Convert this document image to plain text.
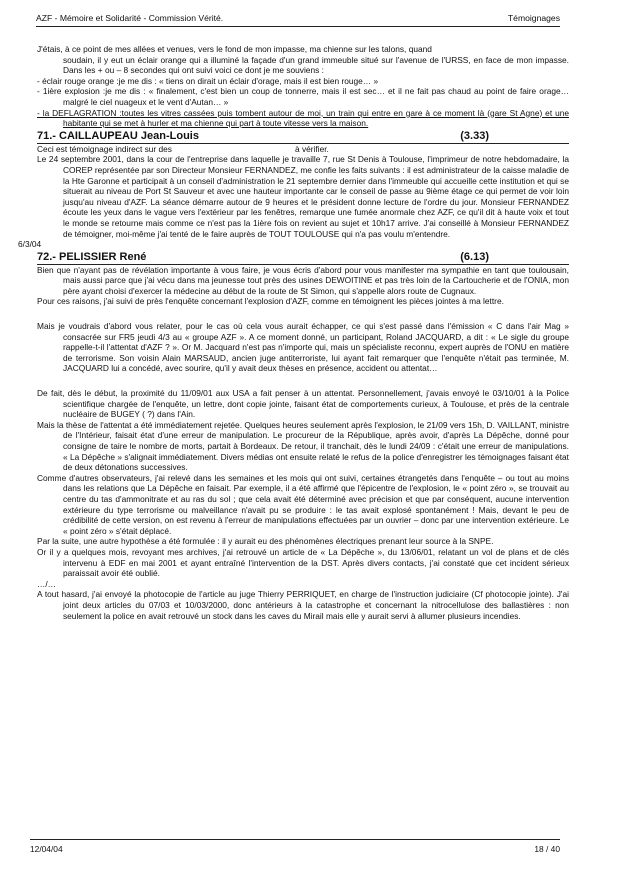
AZF - Mémoire et Solidarité - Commission Vérité.	Témoignages

J'étais, à ce point de mes allées et venues, vers le fond de mon impasse, ma chienne sur les talons, quand

soudain, il y eut un éclair orange qui a illuminé la façade d'un grand immeuble situé sur l'avenue de l'URSS, en face de mon impasse. Dans les + ou – 8 secondes qui ont suivi voici ce dont je me souviens :

- éclair rouge orange :je me dis : « tiens on dirait un éclair d'orage, mais il est bien rouge… »

- 1ière explosion :je me dis : « finalement, c'est bien un coup de tonnerre, mais il est sec… et il ne fait pas chaud au point de faire orage… malgré le ciel nuageux et le vent d'Autan… »

- la DEFLAGRATION :toutes les vitres cassées puis tombent autour de moi, un train qui entre en gare à ce moment là (gare St Agne) et une habitante qui se met à hurler et ma chienne qui part à toute vitesse vers la maison.

71.- CAILLAUPEAU Jean-Louis	(3.33)
Ceci est témoignage indirect sur des	à vérifier.

Le 24 septembre 2001, dans la cour de l'entreprise dans laquelle je travaille 7, rue St Denis à Toulouse, l'imprimeur de notre hebdomadaire, la COREP représentée par son Directeur Monsieur FERNANDEZ, me confie les faits suivants : il est administrateur de la caisse maladie de la Hte Garonne et participait à un conseil d'administration le 21 septembre dernier dans l'immeuble qui accueille cette institution et qui se situerait au niveau de Port St Sauveur et avec une hauteur importante car le conseil de passe au 9ième étage ce qui permet de voir loin jusqu'au niveau d'AZF. La séance démarre autour de 9 heures et le président donne lecture de l'ordre du jour. Monsieur FERNANDEZ écoute les yeux dans le vague vers l'extérieur par les fenêtres, remarque une fumée anormale chez AZF, ce qu'il dit à haute voix et tout le monde se retourne mais comme ce n'est pas la 1ière fois on revient au sujet et 10h17 arrive. J'ai conseillé à Monsieur FERNANDEZ de témoigner, moi-même j'ai tenté de le faire auprès de TOUT TOULOUSE qui n'a pas voulu m'entendre.

6/3/04
72.- PELISSIER René	(6.13)

Bien que n'ayant pas de révélation importante à vous faire, je vous écris d'abord pour vous manifester ma sympathie en tant que toulousain, mais aussi parce que j'ai vécu dans ma jeunesse tout près des usines DEWOITINE et pas très loin de la Cartoucherie et de l'ONIA, mon père ayant choisi d'exercer la médecine au début de la route de St Simon, qui s'appelle alors route de Cugnaux.

Pour ces raisons, j'ai suivi de près l'enquête concernant l'explosion d'AZF, comme en témoignent les pièces jointes à ma lettre.

Mais je voudrais d'abord vous relater, pour le cas où cela vous aurait échapper, ce qui s'est passé dans l'émission « C dans l'air Mag » consacrée sur FR5 jeudi 4/3 au « groupe AZF ». A ce moment donné, un participant, Roland JACQUARD, a dit : « Le sigle du groupe rappelle-t-il l'attentat d'AZF ? ». Or M. Jacquard n'est pas n'importe qui, mais un spécialiste reconnu, expert auprès de l'ONU en matière de terrorisme. Son voisin Alain MARSAUD, ancien juge antiterroriste, lui ayant fait remarquer que l'enquête n'était pas terminée, M. JACQUARD lui a concédé, avec sourire, qu'il y avait deux thèses en présence, accident ou attentat…

De fait, dès le début, la proximité du 11/09/01 aux USA a fait penser à un attentat. Personnellement, j'avais envoyé le 03/10/01 à la Police scientifique chargée de l'enquête, un lettre, dont copie jointe, faisant état de comportements curieux, à Toulouse, et près de la centrale nucléaire de BUGEY ( ?) dans l'Ain.

Mais la thèse de l'attentat a été immédiatement rejetée. Quelques heures seulement après l'explosion, le 21/09 vers 15h, D. VAILLANT, ministre de l'Intérieur, faisait état d'une erreur de manipulation. Le procureur de la République, après avoir, d'après La Dépêche, donné pour consigne de taire le nombre de morts, partait à Bordeaux. De retour, il tranchait, dès le lundi 24/09 : c'était une erreur de manipulations. « La Dépêche » s'alignait immédiatement. Divers médias ont ensuite relaté le refus de la police d'enregistrer les témoignages faisant état de deux détonations successives.

Comme d'autres observateurs, j'ai relevé dans les semaines et les mois qui ont suivi, certaines étrangetés dans l'enquête – ou tout au moins dans les relations que La Dépêche en faisait. Par exemple, il a été affirmé que l'épicentre de l'explosion, le « point zéro », se trouvait au centre du tas d'ammonitrate et au ras du sol ; que cela avait été déterminé avec précision et que par conséquent, aucune intervention extérieure du type terrorisme ou malveillance n'avait pu se produire : le tas avait explosé spontanément ! Mais, devant le peu de crédibilité de cette version, on est revenu à l'erreur de manipulations effectuées par un ouvrier – donc par une intervention extérieure. Le « point zéro » s'était déplacé.

Par la suite, une autre hypothèse a été formulée : il y aurait eu des phénomènes électriques prenant leur source à la SNPE.

Or il y a quelques mois, revoyant mes archives, j'ai retrouvé un article de « La Dépêche », du 13/06/01, relatant un vol de plans et de clés intervenu à EDF en mai 2001 et ayant entraîné l'intervention de la DST. Après divers contacts, j'ai constaté que cet incident sérieux paraissait avoir été oublié.

…/…

A tout hasard, j'ai envoyé la photocopie de l'article au juge Thierry PERRIQUET, en charge de l'instruction judiciaire (Cf photocopie jointe). J'ai joint deux articles du 07/03 et 10/03/2000, donc antérieurs à la catastrophe et concernant la nitrocellulose des ballastières : non seulement la police en avait retrouvé un stock dans les caves du Mirail mais elle y aurait servi à allumer plusieurs incendies.

12/04/04	18 / 40
